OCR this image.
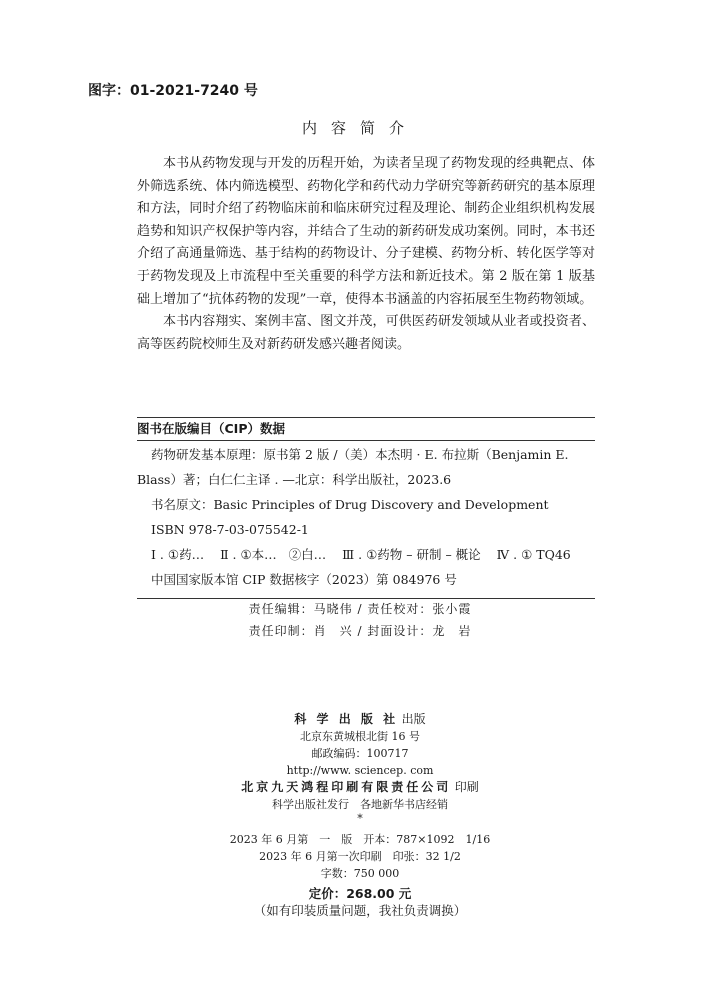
图字：01-2021-7240 号
内容简介

本书从药物发现与开发的历程开始，为读者呈现了药物发现的经典靶点、体外筛选系统、体内筛选模型、药物化学和药代动力学研究等新药研究的基本原理和方法，同时介绍了药物临床前和临床研究过程及理论、制药企业组织机构发展趋势和知识产权保护等内容，并结合了生动的新药研发成功案例。同时，本书还介绍了高通量筛选、基于结构的药物设计、分子建模、药物分析、转化医学等对于药物发现及上市流程中至关重要的科学方法和新近技术。第 2 版在第 1 版基础上增加了“抗体药物的发现”一章，使得本书涵盖的内容拓展至生物药物领域。

本书内容翔实、案例丰富、图文并茂，可供医药研发领域从业者或投资者、高等医药院校师生及对新药研发感兴趣者阅读。

图书在版编目（CIP）数据

药物研发基本原理：原书第 2 版 /（美）本杰明 · E. 布拉斯（Benjamin E. Blass）著；白仁仁主译 . —北京：科学出版社，2023.6

书名原文：Basic Principles of Drug Discovery and Development

ISBN 978-7-03-075542-1

Ⅰ . ①药… Ⅱ . ①本…   ②白… Ⅲ . ①药物 – 研制 – 概论 Ⅳ . ① TQ46

中国国家版本馆 CIP 数据核字（2023）第 084976 号

责任编辑：马晓伟 / 责任校对：张小霞
责任印制：肖　兴 / 封面设计：龙　岩
科 学 出 版 社 出版
北京东黄城根北街 16 号
邮政编码：100717
http://www. sciencep. com
北京九天鸿程印刷有限责任公司 印刷
科学出版社发行　各地新华书店经销
*
2023 年 6 月第　一　版　开本：787×1092　1/16
2023 年 6 月第一次印刷　印张：32 1/2
字数：750 000
定价：268.00 元
（如有印装质量问题，我社负责调换）
